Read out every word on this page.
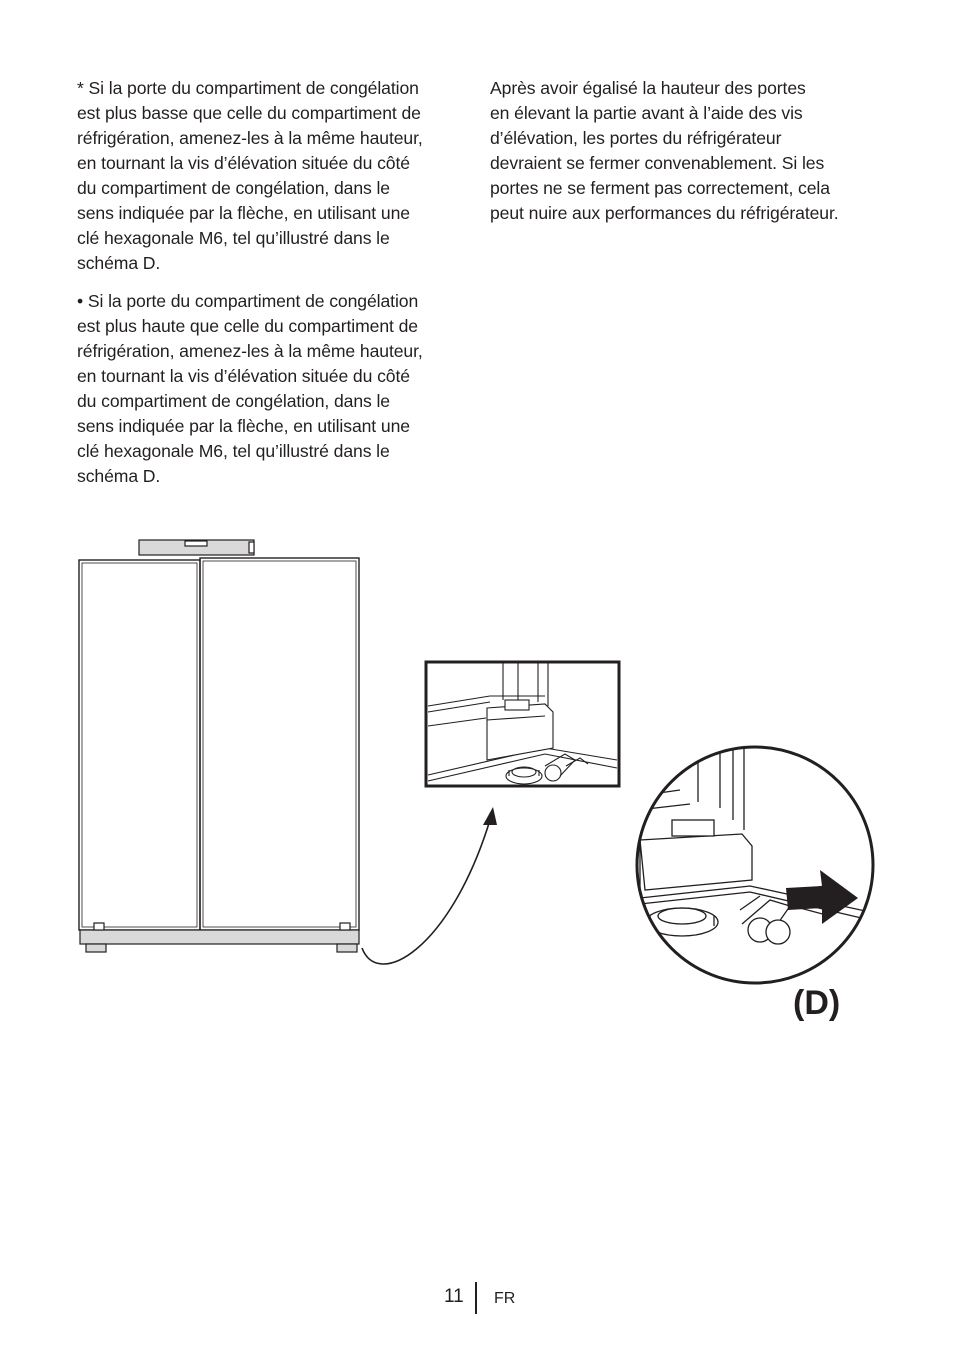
* Si la porte du compartiment de congélation
est plus basse que celle du compartiment de
réfrigération, amenez-les à la même hauteur,
en tournant la vis d’élévation située du côté
du compartiment de congélation, dans le
sens indiquée par la flèche, en utilisant une
clé hexagonale M6, tel qu’illustré dans le
schéma D.

• Si la porte du compartiment de congélation
est plus haute que celle du compartiment de
réfrigération, amenez-les à la même hauteur,
en tournant la vis d’élévation située du côté
du compartiment de congélation, dans le
sens indiquée par la flèche, en utilisant une
clé hexagonale M6, tel qu’illustré dans le
schéma D.

Après avoir égalisé la hauteur des portes
en élevant la partie avant à l’aide des vis
d’élévation, les portes du réfrigérateur
devraient se fermer convenablement. Si les
portes ne se ferment pas correctement, cela
peut nuire aux performances du réfrigérateur.

(D)
11 FR
